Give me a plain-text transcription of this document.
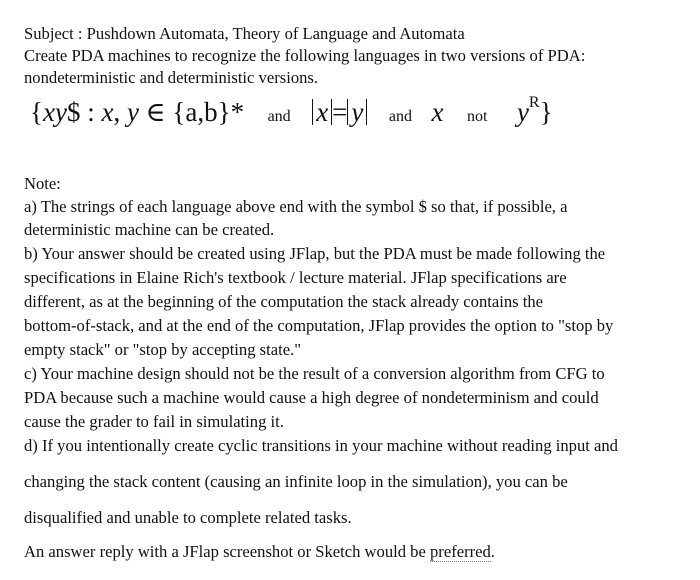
Subject : Pushdown Automata, Theory of Language and Automata
Create PDA machines to recognize the following languages in two versions of PDA:
nondeterministic and deterministic versions.
{xy$ : x, y ∈ {a,b}* and x = y and x not $y^R$}
Note:
a) The strings of each language above end with the symbol $ so that, if possible, a
deterministic machine can be created.
b) Your answer should be created using JFlap, but the PDA must be made following the
specifications in Elaine Rich's textbook / lecture material. JFlap specifications are
different, as at the beginning of the computation the stack already contains the
bottom-of-stack, and at the end of the computation, JFlap provides the option to "stop by
empty stack" or "stop by accepting state."
c) Your machine design should not be the result of a conversion algorithm from CFG to
PDA because such a machine would cause a high degree of nondeterminism and could
cause the grader to fail in simulating it.
d) If you intentionally create cyclic transitions in your machine without reading input and
changing the stack content (causing an infinite loop in the simulation), you can be
disqualified and unable to complete related tasks.
An answer reply with a JFlap screenshot or Sketch would be preferred.
